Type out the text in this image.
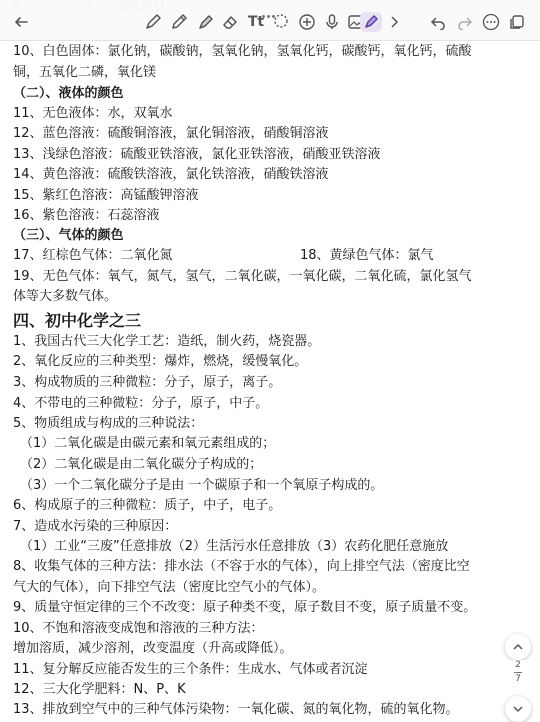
10、白色固体：氯化钠，碳酸钠，氢氧化钠，氢氧化钙，碳酸钙，氧化钙，硫酸
铜，五氧化二磷，氧化镁
（二）、液体的颜色
11、无色液体：水，双氧水
12、蓝色溶液：硫酸铜溶液，氯化铜溶液，硝酸铜溶液
13、浅绿色溶液：硫酸亚铁溶液，氯化亚铁溶液，硝酸亚铁溶液
14、黄色溶液：硫酸铁溶液，氯化铁溶液，硝酸铁溶液
15、紫红色溶液：高锰酸钾溶液
16、紫色溶液：石蕊溶液
（三）、气体的颜色
17、红棕色气体：二氧化氮	18、黄绿色气体：氯气
19、无色气体：氧气，氮气，氢气，二氧化碳，一氧化碳，二氧化硫，氯化氢气
体等大多数气体。
四、初中化学之三
1、我国古代三大化学工艺：造纸，制火药，烧瓷器。
2、氧化反应的三种类型：爆炸，燃烧，缓慢氧化。
3、构成物质的三种微粒：分子，原子，离子。
4、不带电的三种微粒：分子，原子，中子。
5、物质组成与构成的三种说法：
（1）二氧化碳是由碳元素和氧元素组成的；
（2）二氧化碳是由二氧化碳分子构成的；
（3）一个二氧化碳分子是由 一个碳原子和一个氧原子构成的。
6、构成原子的三种微粒：质子，中子，电子。
7、造成水污染的三种原因：
（1）工业“三废”任意排放（2）生活污水任意排放（3）农药化肥任意施放
8、收集气体的三种方法：排水法（不容于水的气体），向上排空气法（密度比空
气大的气体），向下排空气法（密度比空气小的气体）。
9、质量守恒定律的三个不改变：原子种类不变，原子数目不变，原子质量不变。
10、不饱和溶液变成饱和溶液的三种方法：
增加溶质，减少溶剂，改变温度（升高或降低）。
11、复分解反应能否发生的三个条件：生成水、气体或者沉淀
12、三大化学肥料：N、P、K
13、排放到空气中的三种气体污染物：一氧化碳、氮的氧化物，硫的氧化物。
Tt
2
7
